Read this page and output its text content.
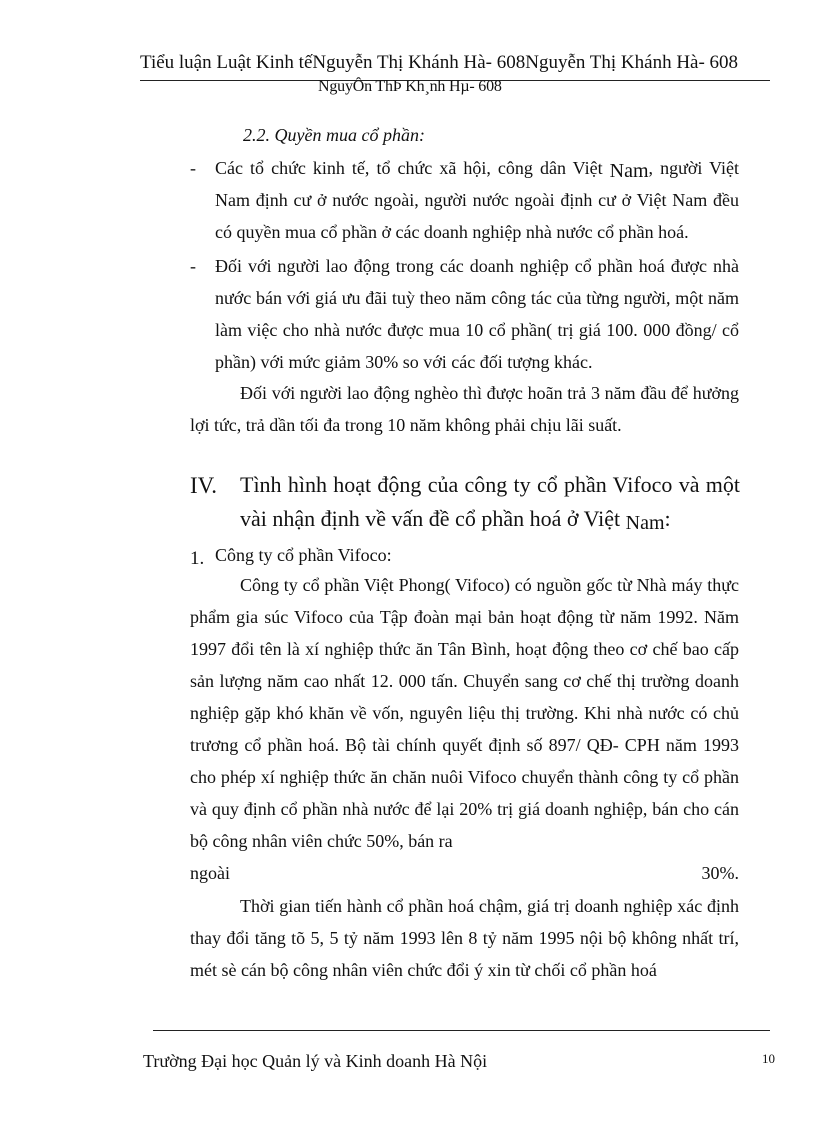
Tiểu luận Luật Kinh tếNguyễn Thị Khánh Hà- 608Nguyễn Thị Khánh Hà- 608
NguyÔn ThÞ Kh¸nh Hµ- 608
2.2. Quyền mua cổ phần:
- Các tổ chức kinh tế, tổ chức xã hội, công dân Việt Nam, người Việt Nam định cư ở nước ngoài, người nước ngoài định cư ở Việt Nam đều có quyền mua cổ phần ở các doanh nghiệp nhà nước cổ phần hoá.
- Đối với người lao động trong các doanh nghiệp cổ phần hoá được nhà nước bán với giá ưu đãi tuỳ theo năm công tác của từng người, một năm làm việc cho nhà nước được mua 10 cổ phần( trị giá 100. 000 đồng/ cổ phần) với mức giảm 30% so với các đối tượng khác.
Đối với người lao động nghèo thì được hoãn trả 3 năm đầu để hưởng lợi tức, trả dần tối đa trong 10 năm không phải chịu lãi suất.
IV. Tình hình hoạt động của công ty cổ phần Vifoco và một vài nhận định về vấn đề cổ phần hoá ở Việt Nam:
1. Công ty cổ phần Vifoco:
Công ty cổ phần Việt Phong( Vifoco) có nguồn gốc từ Nhà máy thực phẩm gia súc Vifoco của Tập đoàn mại bản hoạt động từ năm 1992. Năm 1997 đổi tên là xí nghiệp thức ăn Tân Bình, hoạt động theo cơ chế bao cấp sản lượng năm cao nhất 12. 000 tấn. Chuyển sang cơ chế thị trường doanh nghiệp gặp khó khăn về vốn, nguyên liệu thị trường. Khi nhà nước có chủ trương cổ phần hoá. Bộ tài chính quyết định số 897/ QĐ- CPH năm 1993 cho phép xí nghiệp thức ăn chăn nuôi Vifoco chuyển thành công ty cổ phần và quy định cổ phần nhà nước để lại 20% trị giá doanh nghiệp, bán cho cán bộ công nhân viên chức 50%, bán ra
ngoài	30%.
Thời gian tiến hành cổ phần hoá chậm, giá trị doanh nghiệp xác định thay đổi tăng tõ 5, 5 tỷ năm 1993 lên 8 tỷ năm 1995 nội bộ không nhất trí, mét sè cán bộ công nhân viên chức đổi ý xin từ chối cổ phần hoá
Trường Đại học Quản lý và Kinh doanh Hà Nội	10
